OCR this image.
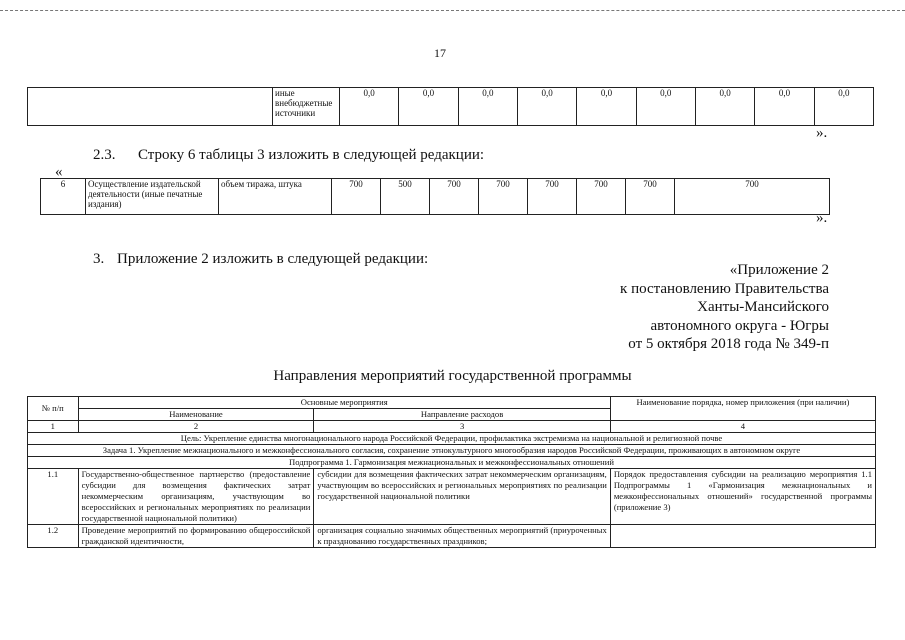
17
	иные внебюджетные источники	0,0	0,0	0,0	0,0	0,0	0,0	0,0	0,0	0,0
».
2.3. Строку 6 таблицы 3 изложить в следующей редакции:
«
6	Осуществление издательской деятельности (иные печатные издания)	объем тиража, штука	700	500	700	700	700	700	700	700
».
3. Приложение 2 изложить в следующей редакции:
«Приложение 2
к постановлению Правительства
Ханты-Мансийского
автономного округа - Югры
от 5 октября 2018 года № 349-п
Направления мероприятий государственной программы
№ п/п	Основные мероприятия		Наименование порядка, номер приложения (при наличии)
	Наименование	Направление расходов	
1	2	3	4
Цель: Укрепление единства многонационального народа Российской Федерации, профилактика экстремизма на национальной и религиозной почве			
Задача 1. Укрепление межнационального и межконфессионального согласия, сохранение этнокультурного многообразия народов Российской Федерации, проживающих в автономном округе			
Подпрограмма 1. Гармонизация межнациональных и межконфессиональных отношений			
1.1	Государственно-общественное партнерство (предоставление субсидии для возмещения фактических затрат некоммерческим организациям, участвующим во всероссийских и региональных мероприятиях по реализации государственной национальной политики)	субсидии для возмещения фактических затрат некоммерческим организациям, участвующим во всероссийских и региональных мероприятиях по реализации государственной национальной политики	Порядок предоставления субсидии на реализацию мероприятия 1.1 Подпрограммы 1 «Гармонизация межнациональных и межконфессиональных отношений» государственной программы (приложение 3)
1.2	Проведение мероприятий по формированию общероссийской гражданской идентичности,	организация социально значимых общественных мероприятий (приуроченных к празднованию государственных праздников;	
